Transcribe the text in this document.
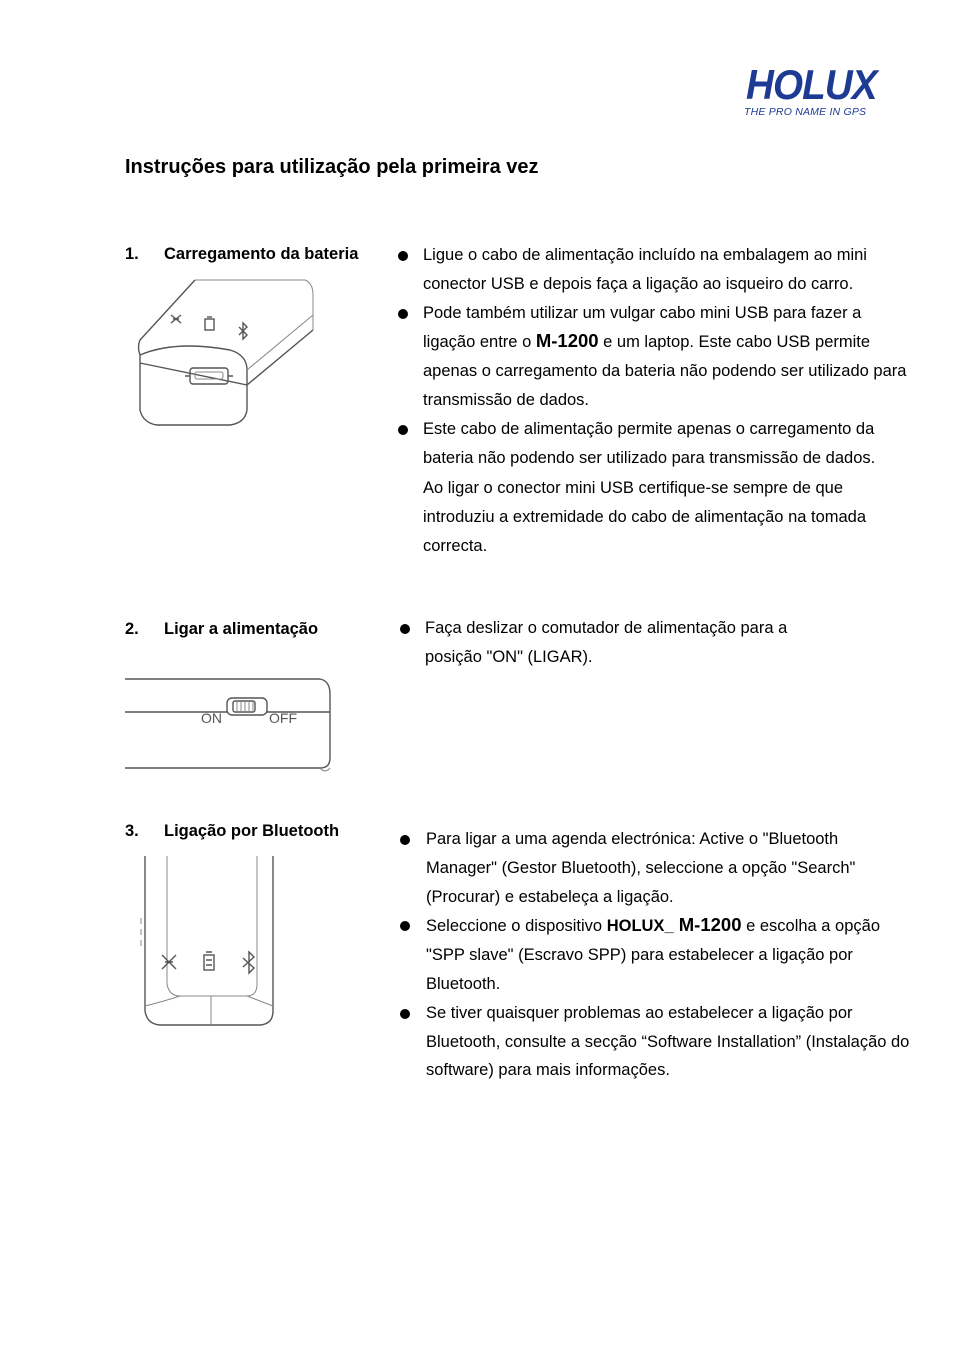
HOLUX
THE PRO NAME IN GPS
Instruções para utilização pela primeira vez
1. Carregamento da bateria	Ligue o cabo de alimentação incluído na embalagem ao mini conector USB e depois faça a ligação ao isqueiro do carro.
Pode também utilizar um vulgar cabo mini USB para fazer a ligação entre o M-1200 e um laptop. Este cabo USB permite apenas o carregamento da bateria não podendo ser utilizado para transmissão de dados.
Este cabo de alimentação permite apenas o carregamento da bateria não podendo ser utilizado para transmissão de dados.
Ao ligar o conector mini USB certifique-se sempre de que introduziu a extremidade do cabo de alimentação na tomada correcta.
2. Ligar a alimentação
ON	OFF
Faça deslizar o comutador de alimentação para a posição "ON" (LIGAR).
3. Ligação por Bluetooth	Para ligar a uma agenda electrónica: Active o "Bluetooth Manager" (Gestor Bluetooth), seleccione a opção "Search" (Procurar) e estabeleça a ligação.
Seleccione o dispositivo HOLUX_ M-1200 e escolha a opção "SPP slave" (Escravo SPP) para estabelecer a ligação por Bluetooth.
Se tiver quaisquer problemas ao estabelecer a ligação por Bluetooth, consulte a secção “Software Installation” (Instalação do software) para mais informações.
